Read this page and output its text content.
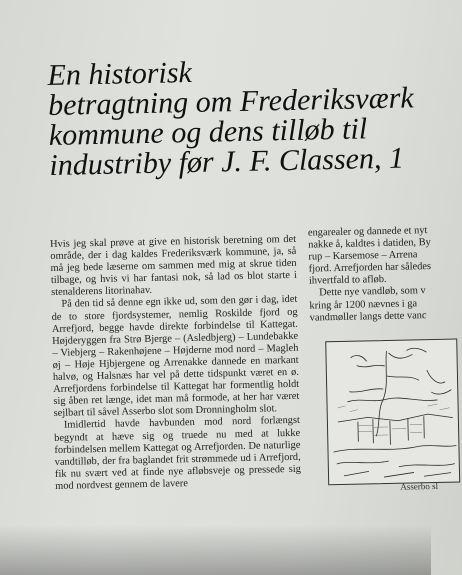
En historisk
betragtning om Frederiksværk
kommune og dens tilløb til
industriby før J. F. Classen, 1

Hvis jeg skal prøve at give en historisk beretning om det område, der i dag kaldes Frederiksværk kommune, ja, så må jeg bede læserne om sammen med mig at skrue tiden tilbage, og hvis vi har fantasi nok, så lad os blot starte i stenalderens litorinahav.

På den tid så denne egn ikke ud, som den gør i dag, idet de to store fjordsystemer, nemlig Roskilde fjord og Arrefjord, begge havde direkte forbindelse til Kattegat. Højderyggen fra Strø Bjerge – (Asledbjerg) – Lundebakke – Viebjerg – Rakenhøjene – Højderne mod nord – Magleh​øj – Høje Hjbjergene og Arrenakke dannede en markant halvø, og Halsnæs har vel på dette tidspunkt været en ø. Arrefjordens forbindelse til Kattegat har formentlig holdt sig åben ret længe, idet man må formode, at her har været sejlbart til såvel Asserbo slot som Dronningholm slot.

Imidlertid havde havbunden mod nord forlængst begyndt at hæve sig og truede nu med at lukke forbindelsen mellem Kattegat og Arrefjorden. De naturlige vandtilløb, der fra baglandet frit strømmede ud i Arrefjord, fik nu svært ved at finde nye afløbsveje og pressede sig mod nordvest gennem de lavere

engarealer og dannede et nyt

nakke å, kaldtes i datiden, By

rup – Karsemose – Arrena

fjord. Arrefjorden har således

ihvertfald to afløb.

Dette nye vandløb, som v

kring år 1200 nævnes i ga

vandmøller langs dette vanc

Asserbo sl
